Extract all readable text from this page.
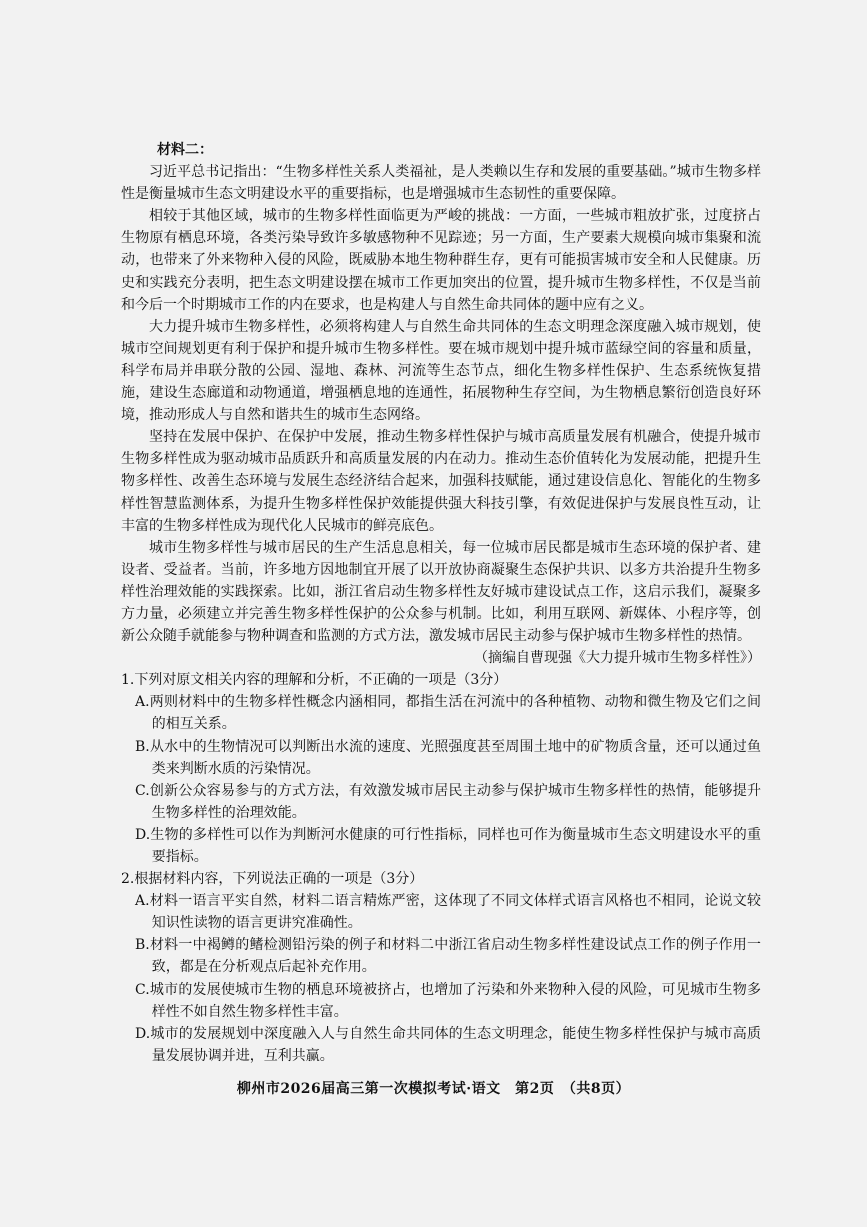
材料二：

习近平总书记指出：“生物多样性关系人类福祉，是人类赖以生存和发展的重要基础。”城市生物多样性是衡量城市生态文明建设水平的重要指标，也是增强城市生态韧性的重要保障。

相较于其他区域，城市的生物多样性面临更为严峻的挑战：一方面，一些城市粗放扩张，过度挤占生物原有栖息环境，各类污染导致许多敏感物种不见踪迹；另一方面，生产要素大规模向城市集聚和流动，也带来了外来物种入侵的风险，既威胁本地生物种群生存，更有可能损害城市安全和人民健康。历史和实践充分表明，把生态文明建设摆在城市工作更加突出的位置，提升城市生物多样性，不仅是当前和今后一个时期城市工作的内在要求，也是构建人与自然生命共同体的题中应有之义。

大力提升城市生物多样性，必须将构建人与自然生命共同体的生态文明理念深度融入城市规划，使城市空间规划更有利于保护和提升城市生物多样性。要在城市规划中提升城市蓝绿空间的容量和质量，科学布局并串联分散的公园、湿地、森林、河流等生态节点，细化生物多样性保护、生态系统恢复措施，建设生态廊道和动物通道，增强栖息地的连通性，拓展物种生存空间，为生物栖息繁衍创造良好环境，推动形成人与自然和谐共生的城市生态网络。

坚持在发展中保护、在保护中发展，推动生物多样性保护与城市高质量发展有机融合，使提升城市生物多样性成为驱动城市品质跃升和高质量发展的内在动力。推动生态价值转化为发展动能，把提升生物多样性、改善生态环境与发展生态经济结合起来，加强科技赋能，通过建设信息化、智能化的生物多样性智慧监测体系，为提升生物多样性保护效能提供强大科技引擎，有效促进保护与发展良性互动，让丰富的生物多样性成为现代化人民城市的鲜亮底色。

城市生物多样性与城市居民的生产生活息息相关，每一位城市居民都是城市生态环境的保护者、建设者、受益者。当前，许多地方因地制宜开展了以开放协商凝聚生态保护共识、以多方共治提升生物多样性治理效能的实践探索。比如，浙江省启动生物多样性友好城市建设试点工作，这启示我们，凝聚多方力量，必须建立并完善生物多样性保护的公众参与机制。比如，利用互联网、新媒体、小程序等，创新公众随手就能参与物种调查和监测的方式方法，激发城市居民主动参与保护城市生物多样性的热情。

（摘编自曹现强《大力提升城市生物多样性》）

1.下列对原文相关内容的理解和分析，不正确的一项是（3分）

A.两则材料中的生物多样性概念内涵相同，都指生活在河流中的各种植物、动物和微生物及它们之间的相互关系。

B.从水中的生物情况可以判断出水流的速度、光照强度甚至周围土地中的矿物质含量，还可以通过鱼类来判断水质的污染情况。

C.创新公众容易参与的方式方法，有效激发城市居民主动参与保护城市生物多样性的热情，能够提升生物多样性的治理效能。

D.生物的多样性可以作为判断河水健康的可行性指标，同样也可作为衡量城市生态文明建设水平的重要指标。

2.根据材料内容，下列说法正确的一项是（3分）

A.材料一语言平实自然，材料二语言精炼严密，这体现了不同文体样式语言风格也不相同，论说文较知识性读物的语言更讲究准确性。

B.材料一中褐鳟的鳍检测铅污染的例子和材料二中浙江省启动生物多样性建设试点工作的例子作用一致，都是在分析观点后起补充作用。

C.城市的发展使城市生物的栖息环境被挤占，也增加了污染和外来物种入侵的风险，可见城市生物多样性不如自然生物多样性丰富。

D.城市的发展规划中深度融入人与自然生命共同体的生态文明理念，能使生物多样性保护与城市高质量发展协调并进，互利共赢。

柳州市2026届高三第一次模拟考试·语文　第2页　（共8页）
